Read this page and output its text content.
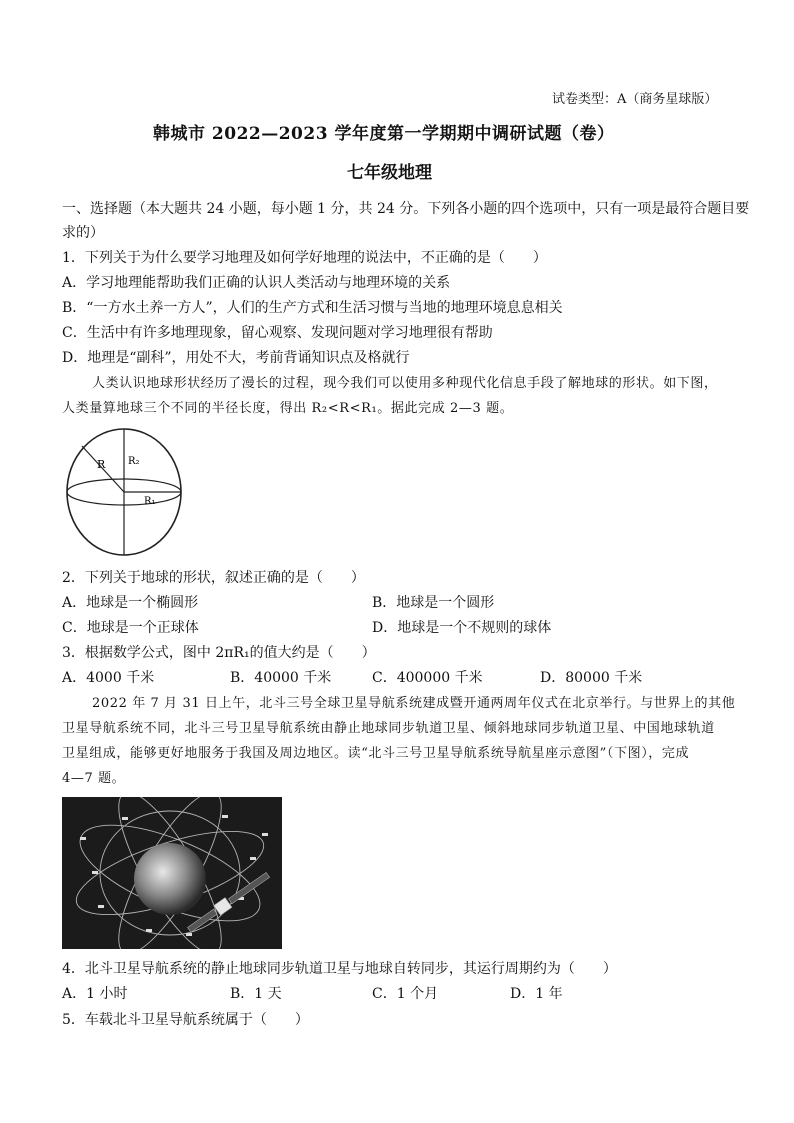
试卷类型：A（商务星球版）
韩城市 2022—2023 学年度第一学期期中调研试题（卷）
七年级地理
一、选择题（本大题共 24 小题，每小题 1 分，共 24 分。下列各小题的四个选项中，只有一项是最符合题目要
求的）
1．下列关于为什么要学习地理及如何学好地理的说法中，不正确的是（　　）
A．学习地理能帮助我们正确的认识人类活动与地理环境的关系
B．“一方水土养一方人”，人们的生产方式和生活习惯与当地的地理环境息息相关
C．生活中有许多地理现象，留心观察、发现问题对学习地理很有帮助
D．地理是“副科”，用处不大，考前背诵知识点及格就行
人类认识地球形状经历了漫长的过程，现今我们可以使用多种现代化信息手段了解地球的形状。如下图，
人类量算地球三个不同的半径长度，得出 R₂<R<R₁。据此完成 2—3 题。
R R₂
R₁
2．下列关于地球的形状，叙述正确的是（　　）
A．地球是一个椭圆形	B．地球是一个圆形
C．地球是一个正球体	D．地球是一个不规则的球体
3．根据数学公式，图中 2πR₁的值大约是（　　）
A．4000 千米	B．40000 千米	C．400000 千米	D．80000 千米
2022 年 7 月 31 日上午，北斗三号全球卫星导航系统建成暨开通两周年仪式在北京举行。与世界上的其他
卫星导航系统不同，北斗三号卫星导航系统由静止地球同步轨道卫星、倾斜地球同步轨道卫星、中国地球轨道
卫星组成，能够更好地服务于我国及周边地区。读“北斗三号卫星导航系统导航星座示意图”（下图），完成
4—7 题。
4．北斗卫星导航系统的静止地球同步轨道卫星与地球自转同步，其运行周期约为（　　）
A．1 小时	B．1 天	C．1 个月	D．1 年
5．车载北斗卫星导航系统属于（　　）
